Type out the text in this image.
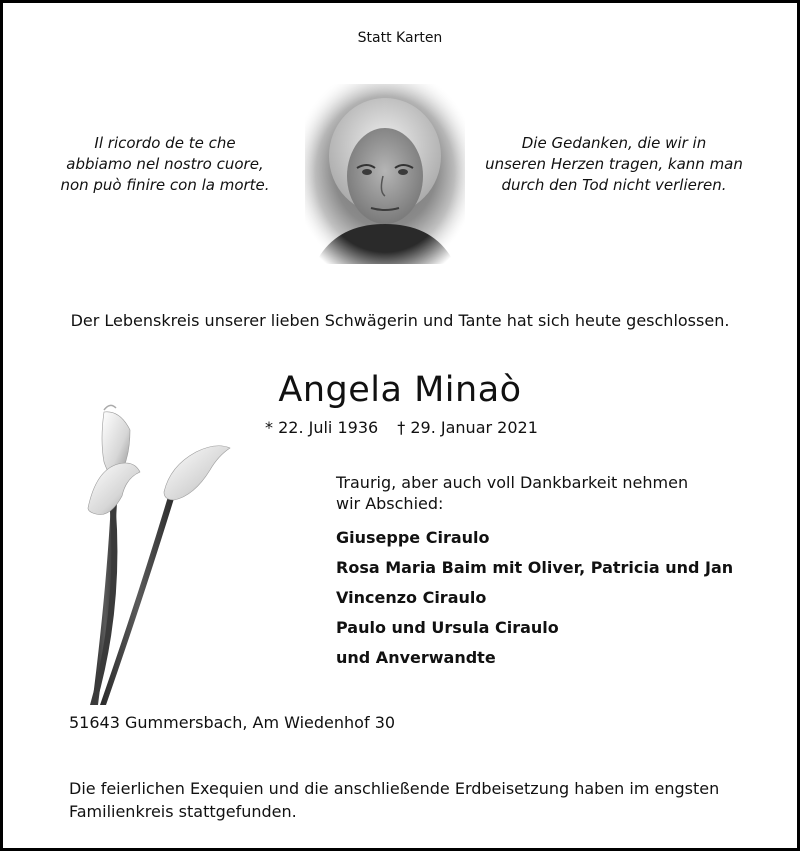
Statt Karten
Il ricordo de te che
abbiamo nel nostro cuore,
non può finire con la morte.
Die Gedanken, die wir in
unseren Herzen tragen, kann man
durch den Tod nicht verlieren.
Der Lebenskreis unserer lieben Schwägerin und Tante hat sich heute geschlossen.
Angela Minaò
* 22. Juli 1936 † 29. Januar 2021
Traurig, aber auch voll Dankbarkeit nehmen wir Abschied:
Giuseppe Ciraulo
Rosa Maria Baim mit Oliver, Patricia und Jan
Vincenzo Ciraulo
Paulo und Ursula Ciraulo
und Anverwandte
51643 Gummersbach, Am Wiedenhof 30
Die feierlichen Exequien und die anschließende Erdbeisetzung haben im engsten Familienkreis stattgefunden.
